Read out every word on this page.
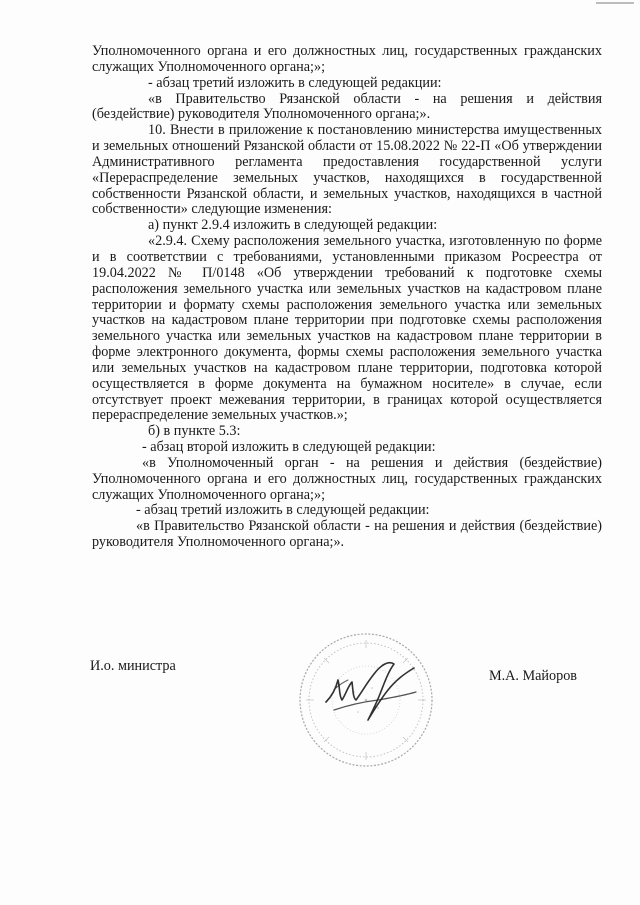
Уполномоченного органа и его должностных лиц, государственных гражданских служащих Уполномоченного органа;»;

- абзац третий изложить в следующей редакции:

«в Правительство Рязанской области - на решения и действия (бездействие) руководителя Уполномоченного органа;».

10. Внести в приложение к постановлению министерства имущественных и земельных отношений Рязанской области от 15.08.2022 № 22-П «Об утверждении Административного регламента предоставления государственной услуги «Перераспределение земельных участков, находящихся в государственной собственности Рязанской области, и земельных участков, находящихся в частной собственности» следующие изменения:

а) пункт 2.9.4 изложить в следующей редакции:

«2.9.4. Схему расположения земельного участка, изготовленную по форме и в соответствии с требованиями, установленными приказом Росреестра от 19.04.2022 № П/0148 «Об утверждении требований к подготовке схемы расположения земельного участка или земельных участков на кадастровом плане территории и формату схемы расположения земельного участка или земельных участков на кадастровом плане территории при подготовке схемы расположения земельного участка или земельных участков на кадастровом плане территории в форме электронного документа, формы схемы расположения земельного участка или земельных участков на кадастровом плане территории, подготовка которой осуществляется в форме документа на бумажном носителе» в случае, если отсутствует проект межевания территории, в границах которой осуществляется перераспределение земельных участков.»;

б) в пункте 5.3:

- абзац второй изложить в следующей редакции:

«в Уполномоченный орган - на решения и действия (бездействие) Уполномоченного органа и его должностных лиц, государственных гражданских служащих Уполномоченного органа;»;

- абзац третий изложить в следующей редакции:

«в Правительство Рязанской области - на решения и действия (бездействие) руководителя Уполномоченного органа;».

И.о. министра
М.А. Майоров
